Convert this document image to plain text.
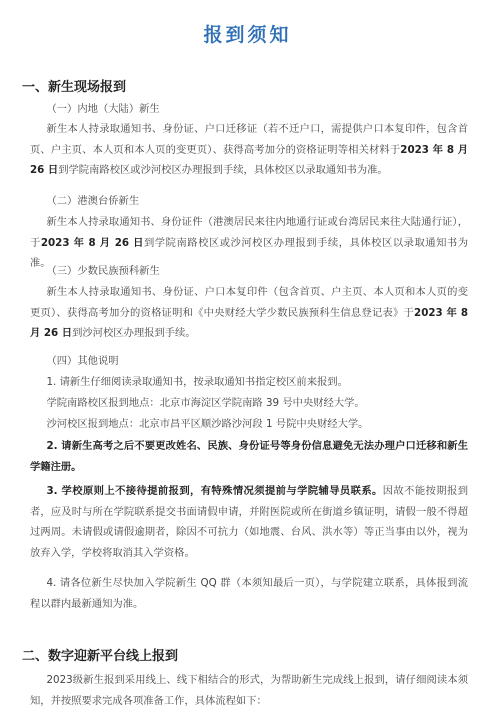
报到须知
一、新生现场报到
（一）内地（大陆）新生
新生本人持录取通知书、身份证、户口迁移证（若不迁户口，需提供户口本复印件，包含首页、户主页、本人页和本人页的变更页）、获得高考加分的资格证明等相关材料于2023 年 8 月 26 日到学院南路校区或沙河校区办理报到手续，具体校区以录取通知书为准。
（二）港澳台侨新生
新生本人持录取通知书、身份证件（港澳居民来往内地通行证或台湾居民来往大陆通行证），于2023 年 8 月 26 日到学院南路校区或沙河校区办理报到手续，具体校区以录取通知书为准。
（三）少数民族预科新生
新生本人持录取通知书、身份证、户口本复印件（包含首页、户主页、本人页和本人页的变更页）、获得高考加分的资格证明和《中央财经大学少数民族预科生信息登记表》于2023 年 8 月 26 日到沙河校区办理报到手续。
（四）其他说明
1. 请新生仔细阅读录取通知书，按录取通知书指定校区前来报到。
学院南路校区报到地点：北京市海淀区学院南路 39 号中央财经大学。
沙河校区报到地点：北京市昌平区顺沙路沙河段 1 号院中央财经大学。
2. 请新生高考之后不要更改姓名、民族、身份证号等身份信息避免无法办理户口迁移和新生学籍注册。
3. 学校原则上不接待提前报到，有特殊情况须提前与学院辅导员联系。因故不能按期报到者，应及时与所在学院联系提交书面请假申请，并附医院或所在街道乡镇证明，请假一般不得超过两周。未请假或请假逾期者，除因不可抗力（如地震、台风、洪水等）等正当事由以外，视为放弃入学，学校将取消其入学资格。
4. 请各位新生尽快加入学院新生 QQ 群（本须知最后一页），与学院建立联系，具体报到流程以群内最新通知为准。
二、数字迎新平台线上报到
2023级新生报到采用线上、线下相结合的形式，为帮助新生完成线上报到，请仔细阅读本须知，并按照要求完成各项准备工作，具体流程如下：
